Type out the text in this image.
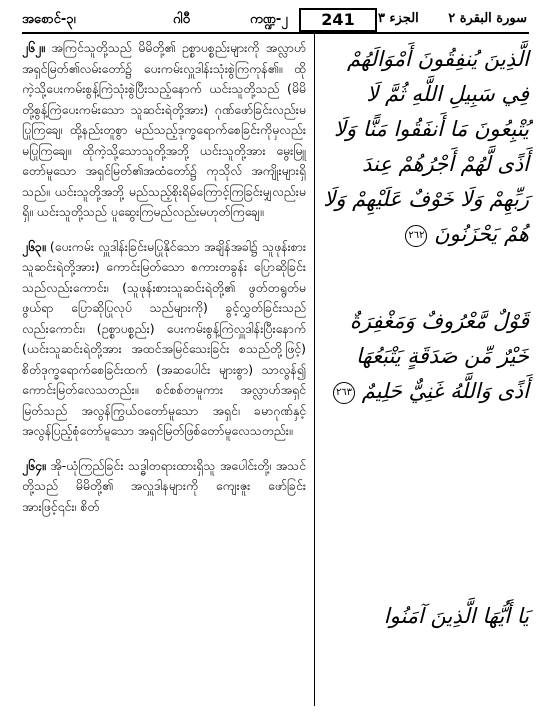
အစောင်-၃၊	ဂါဝီ	ကဏ္ဍ-၂	241	الجزء ٣ سورة البقرة ٢

၂၆၂။ အကြင်သူတို့သည် မိမိတို့၏ ဥစ္စာပစ္စည်းများကို အလ္လာဟ်အရှင်မြတ်၏လမ်းတော်၌ ပေးကမ်းလှူဒါန်းသုံးစွဲကြကုန်၏။ ထိုကဲ့သို့ပေးကမ်းစွန့်ကြဲသုံးစွဲပြီးသည့်နောက် ယင်းသူတို့သည် (မိမိတို့စွန့်ကြဲပေးကမ်းသော သူဆင်းရဲတို့အား) ဂုဏ်ဖော်ခြင်းလည်းမပြုကြချေ၊ ထို့နည်းတူစွာ မည်သည့်ဒုက္ခရောက်စေခြင်းကိုမှလည်း မပြုကြချေ။ ထိုကဲ့သို့သောသူတို့အဘို့ ယင်းသူတို့အား မွေးမြူတော်မူသော အရှင်မြတ်၏အထံတော်၌ ကုသိုလ် အကျိုးများရှိသည်။ ယင်းသူတို့အဘို့ မည်သည့်စိုးရိမ်ကြောင့်ကြခြင်းမျှလည်းမရှိ။ ယင်းသူတို့သည် ပူဆွေးကြမည်လည်းမဟုတ်ကြချေ။

၂၆၃။ (ပေးကမ်း လှူဒါန်းခြင်းမပြုနိုင်သော အချိန်အခါ၌ သူဖုန်းစားသူဆင်းရဲတို့အား) ကောင်းမြတ်သော စကားတခွန်း ပြောဆိုခြင်းသည်လည်းကောင်း၊ (သူဖုန်းစားသူဆင်းရဲတို့၏ ဖွတ်တရွတ်မဖွယ်ရာ ပြောဆိုပြုလုပ် သည်များကို) ခွင့်လွှတ်ခြင်းသည်လည်းကောင်း၊ (ဥစ္စာပစ္စည်း) ပေးကမ်းစွန့်ကြဲလှူဒါန်းပြီးနောက် (ယင်းသူဆင်းရဲတို့အား အထင်အမြင်သေးခြင်း စသည်တို့ဖြင့်) စိတ်ဒုက္ခရောက်စေခြင်းထက် (အဆပေါင်း များစွာ) သာလွန်၍ ကောင်းမြတ်လေသတည်း။ စင်စစ်တမူကား အလ္လာဟ်အရှင်မြတ်သည် အလွန်ကြွယ်ဝတော်မူသော အရှင်၊ ခမာဂုဏ်နှင့် အလွန်ပြည့်စုံတော်မူသော အရှင်မြတ်ဖြစ်တော်မူလေသတည်း။

၂၆၄။ အို-ယုံကြည်ခြင်း သဒ္ဓါတရားထားရှိသူ အပေါင်းတို့၊ အသင်တို့သည် မိမိတို့၏ အလှူဒါနများကို ကျေးဇူး ဖော်ခြင်း အားဖြင့်၎င်း၊ စိတ်

الَّذِينَ يُنفِقُونَ أَمْوَالَهُمْ فِي سَبِيلِ اللَّهِ ثُمَّ لَا يُتْبِعُونَ مَا أَنفَقُوا مَنًّا وَلَا أَذًى لَّهُمْ أَجْرُهُمْ عِندَ رَبِّهِمْ وَلَا خَوْفٌ عَلَيْهِمْ وَلَا هُمْ يَحْزَنُونَ ٢٦٢

قَوْلٌ مَّعْرُوفٌ وَمَغْفِرَةٌ خَيْرٌ مِّن صَدَقَةٍ يَتْبَعُهَا أَذًى وَاللَّهُ غَنِيٌّ حَلِيمٌ ٢٦٣

يَا أَيُّهَا الَّذِينَ آمَنُوا
